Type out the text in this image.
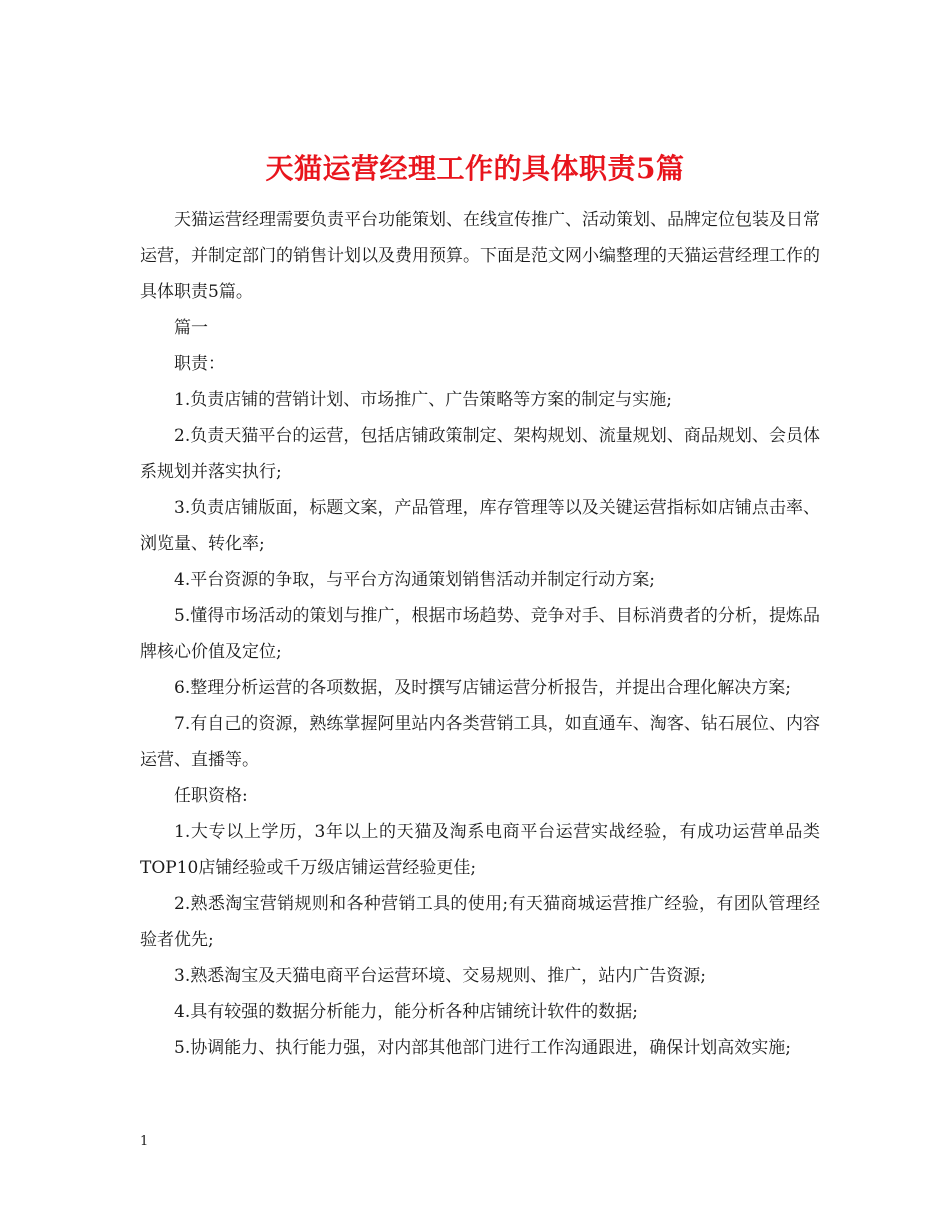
天猫运营经理工作的具体职责5篇

天猫运营经理需要负责平台功能策划、在线宣传推广、活动策划、品牌定位包装及日常运营，并制定部门的销售计划以及费用预算。下面是范文网小编整理的天猫运营经理工作的具体职责5篇。

篇一

职责：

1.负责店铺的营销计划、市场推广、广告策略等方案的制定与实施;

2.负责天猫平台的运营，包括店铺政策制定、架构规划、流量规划、商品规划、会员体系规划并落实执行;

3.负责店铺版面，标题文案，产品管理，库存管理等以及关键运营指标如店铺点击率、浏览量、转化率;

4.平台资源的争取，与平台方沟通策划销售活动并制定行动方案;

5.懂得市场活动的策划与推广，根据市场趋势、竞争对手、目标消费者的分析，提炼品牌核心价值及定位;

6.整理分析运营的各项数据，及时撰写店铺运营分析报告，并提出合理化解决方案;

7.有自己的资源，熟练掌握阿里站内各类营销工具，如直通车、淘客、钻石展位、内容运营、直播等。

任职资格:

1.大专以上学历，3年以上的天猫及淘系电商平台运营实战经验，有成功运营单品类TOP10店铺经验或千万级店铺运营经验更佳;

2.熟悉淘宝营销规则和各种营销工具的使用;有天猫商城运营推广经验，有团队管理经验者优先;

3.熟悉淘宝及天猫电商平台运营环境、交易规则、推广，站内广告资源;

4.具有较强的数据分析能力，能分析各种店铺统计软件的数据;

5.协调能力、执行能力强，对内部其他部门进行工作沟通跟进，确保计划高效实施;

1
